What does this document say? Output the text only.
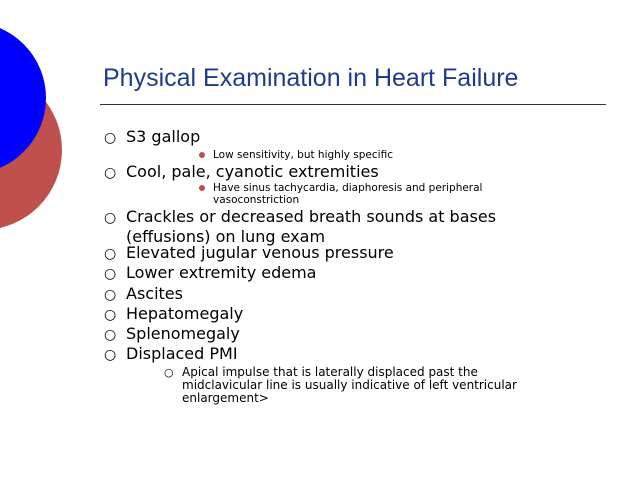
Physical Examination in Heart Failure
○ S3 gallop
Low sensitivity, but highly specific
○ Cool, pale, cyanotic extremities
Have sinus tachycardia, diaphoresis and peripheral
vasoconstriction
○ Crackles or decreased breath sounds at bases
(effusions) on lung exam
○ Elevated jugular venous pressure
○ Lower extremity edema
○ Ascites
○ Hepatomegaly
○ Splenomegaly
○ Displaced PMI
○ Apical impulse that is laterally displaced past the
midclavicular line is usually indicative of left ventricular
enlargement>
